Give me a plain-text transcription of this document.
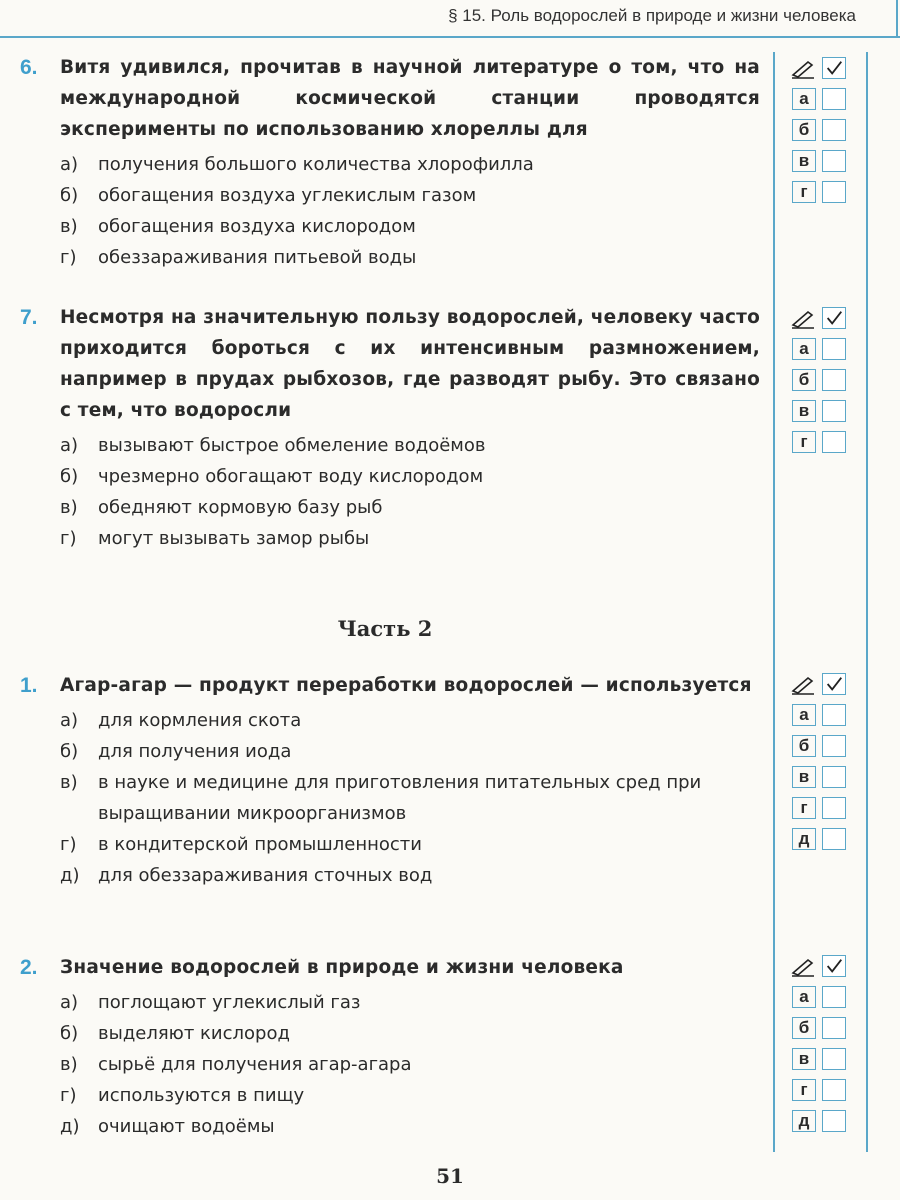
§ 15. Роль водорослей в природе и жизни человека
6. Витя удивился, прочитав в научной литературе о том, что на международной космической станции проводятся эксперименты по использованию хлореллы для
а) получения большого количества хлорофилла
б) обогащения воздуха углекислым газом
в) обогащения воздуха кислородом
г) обеззараживания питьевой воды
а
б
в
г
7. Несмотря на значительную пользу водорослей, человеку часто приходится бороться с их интенсивным размножением, например в прудах рыбхозов, где разводят рыбу. Это связано с тем, что водоросли
а) вызывают быстрое обмеление водоёмов
б) чрезмерно обогащают воду кислородом
в) обедняют кормовую базу рыб
г) могут вызывать замор рыбы
а
б
в
г
Часть 2
1. Агар-агар — продукт переработки водорослей — используется
а) для кормления скота
б) для получения иода
в) в науке и медицине для приготовления питательных сред при выращивании микроорганизмов
г) в кондитерской промышленности
д) для обеззараживания сточных вод
а
б
в
г
д
2. Значение водорослей в природе и жизни человека
а) поглощают углекислый газ
б) выделяют кислород
в) сырьё для получения агар-агара
г) используются в пищу
д) очищают водоёмы
а
б
в
г
д
51
